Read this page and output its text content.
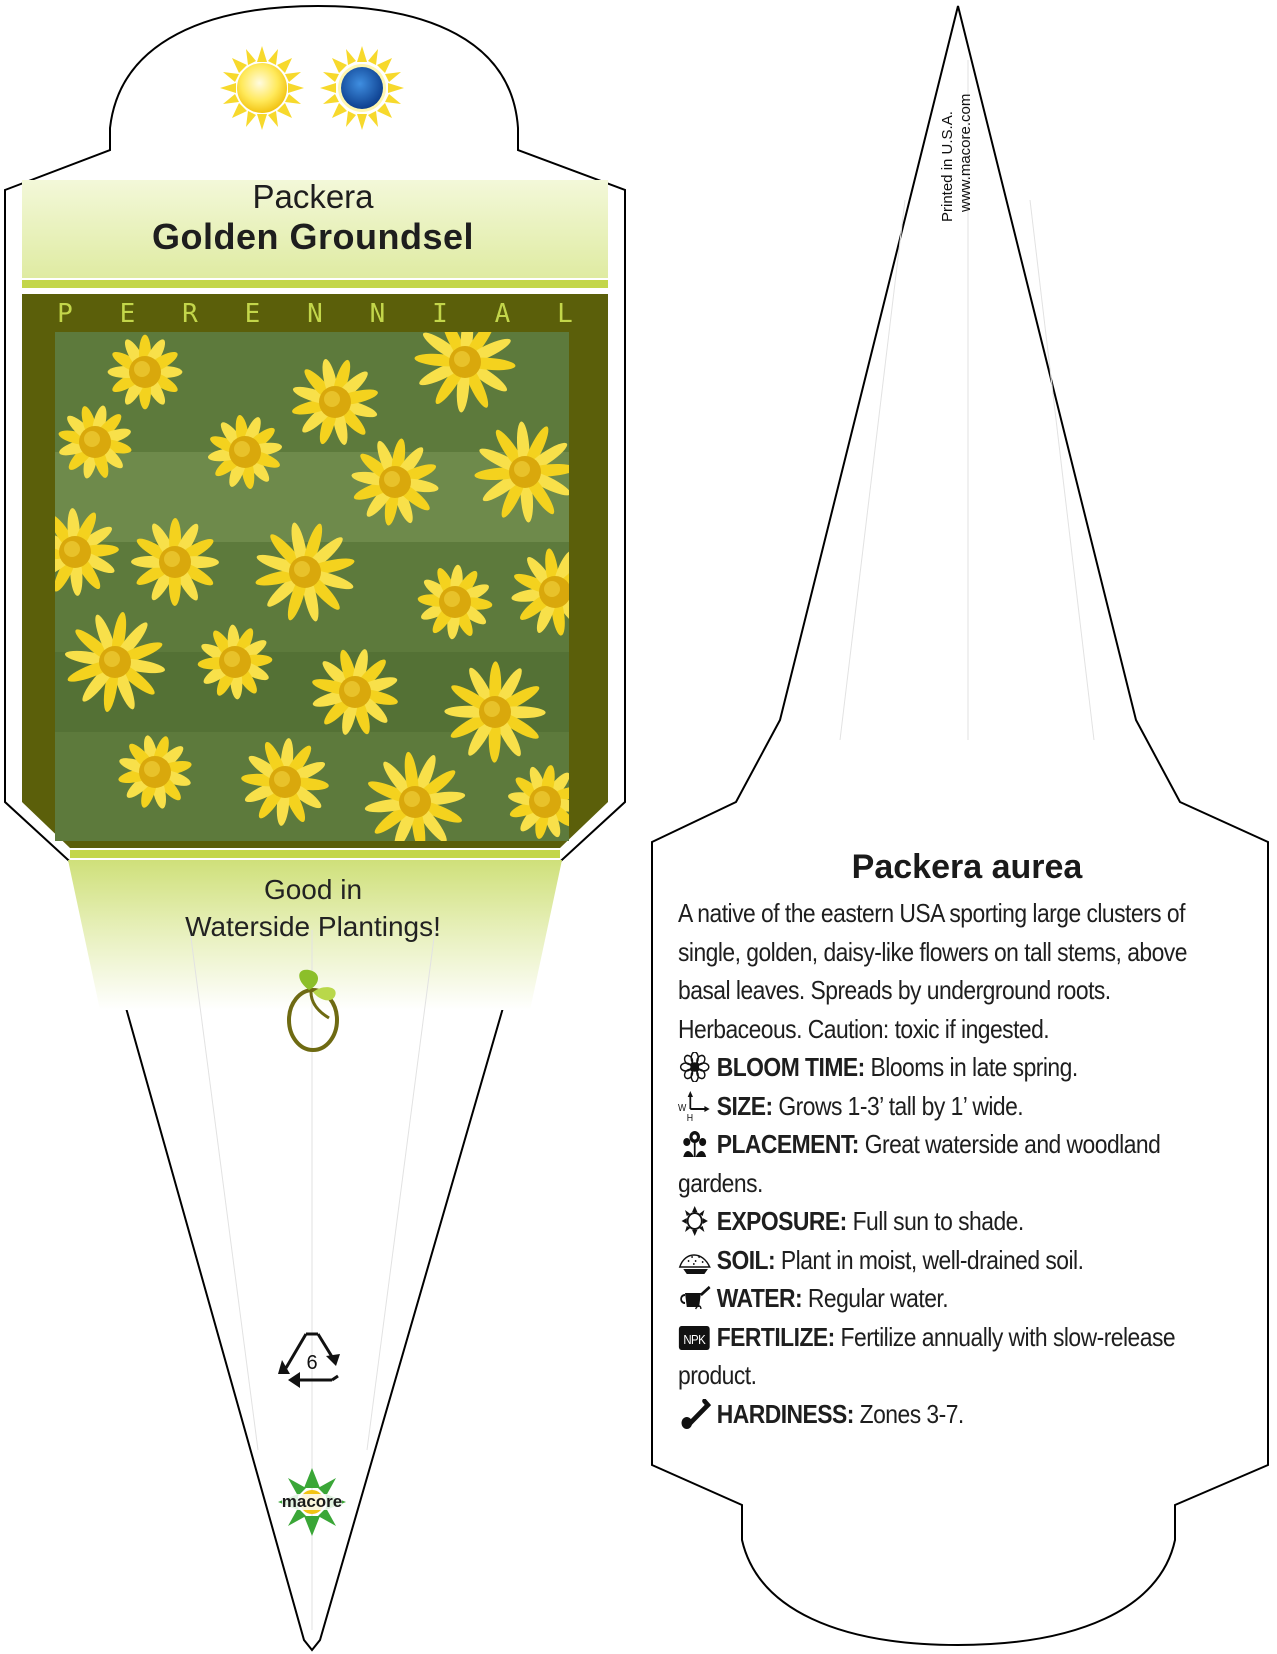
Packera
Golden Groundsel
P E R E N N I A L
Good in
Waterside Plantings!
6
macore
Printed in U.S.A. www.macore.com
Packera aurea
A native of the eastern USA sporting large clusters of
single, golden, daisy-like flowers on tall stems, above
basal leaves. Spreads by underground roots.
Herbaceous. Caution: toxic if ingested.
BLOOM TIME: Blooms in late spring.
W
H SIZE: Grows 1-3’ tall by 1’ wide.
PLACEMENT: Great waterside and woodland
gardens.
EXPOSURE: Full sun to shade.
SOIL: Plant in moist, well-drained soil.
WATER: Regular water.
NPK FERTILIZE: Fertilize annually with slow-release
product.
HARDINESS: Zones 3-7.
